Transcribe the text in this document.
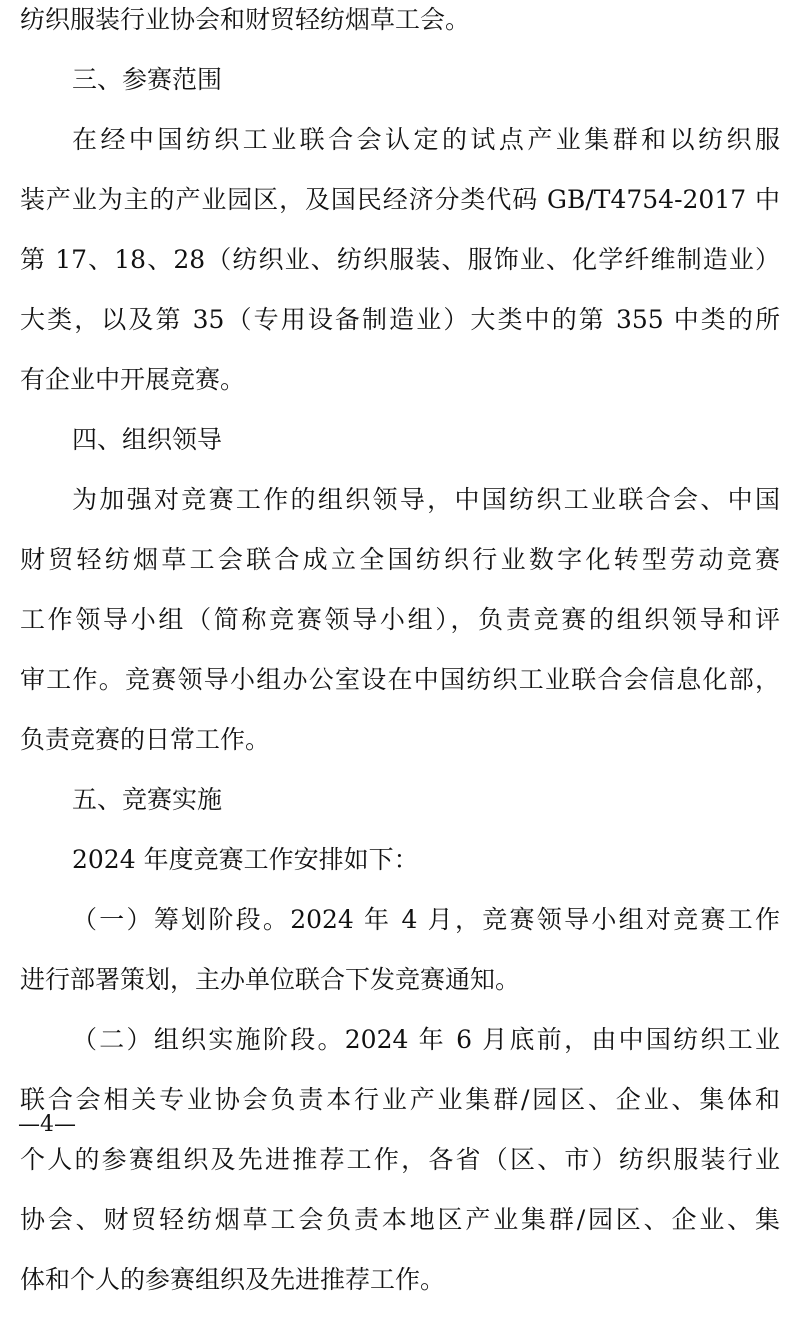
纺织服装行业协会和财贸轻纺烟草工会。
三、参赛范围
在经中国纺织工业联合会认定的试点产业集群和以纺织服
装产业为主的产业园区，及国民经济分类代码 GB/T4754-2017 中
第 17、18、28（纺织业、纺织服装、服饰业、化学纤维制造业）
大类，以及第 35（专用设备制造业）大类中的第 355 中类的所
有企业中开展竞赛。
四、组织领导
为加强对竞赛工作的组织领导，中国纺织工业联合会、中国
财贸轻纺烟草工会联合成立全国纺织行业数字化转型劳动竞赛
工作领导小组（简称竞赛领导小组），负责竞赛的组织领导和评
审工作。竞赛领导小组办公室设在中国纺织工业联合会信息化部，
负责竞赛的日常工作。
五、竞赛实施
2024 年度竞赛工作安排如下：
（一）筹划阶段。2024 年 4 月，竞赛领导小组对竞赛工作
进行部署策划，主办单位联合下发竞赛通知。
（二）组织实施阶段。2024 年 6 月底前，由中国纺织工业
联合会相关专业协会负责本行业产业集群/园区、企业、集体和
个人的参赛组织及先进推荐工作，各省（区、市）纺织服装行业
协会、财贸轻纺烟草工会负责本地区产业集群/园区、企业、集
体和个人的参赛组织及先进推荐工作。
—4—
